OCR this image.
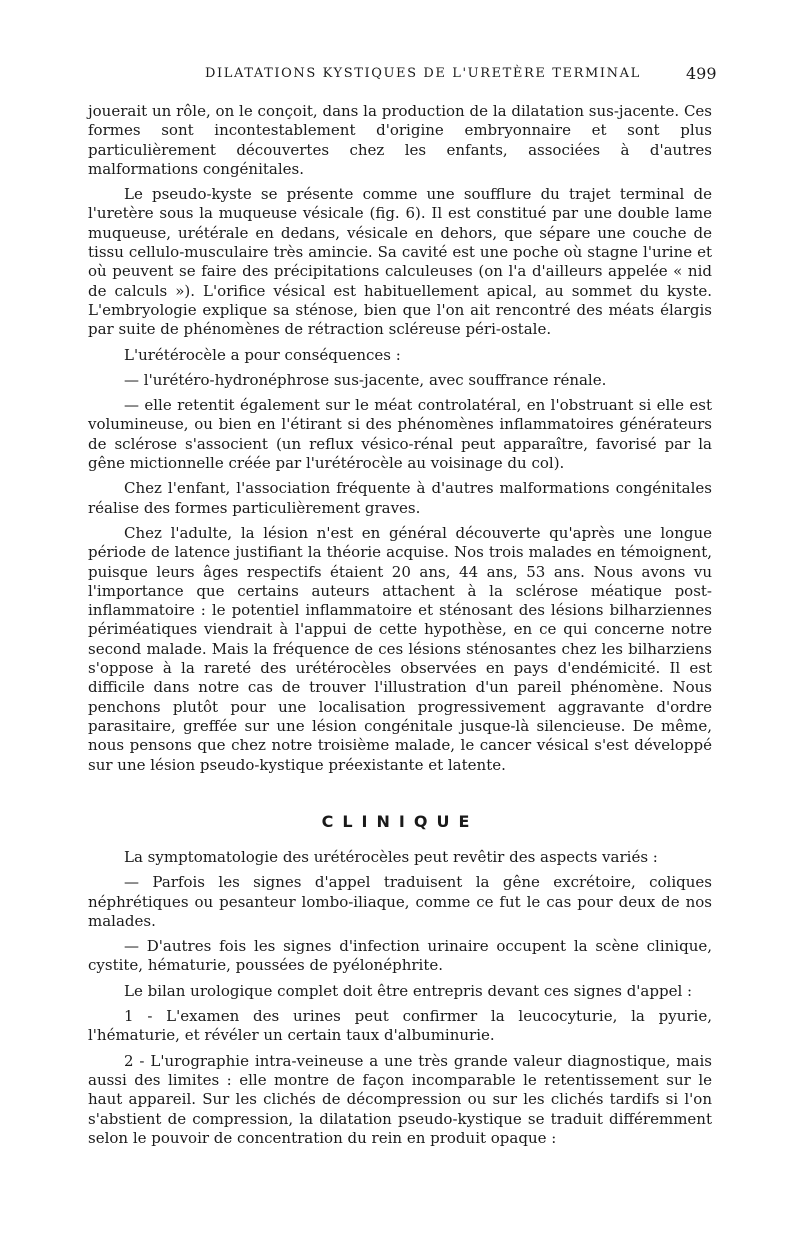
DILATATIONS KYSTIQUES DE L'URETÈRE TERMINAL	499

jouerait un rôle, on le conçoit, dans la production de la dilatation sus-jacente. Ces formes sont incontestablement d'origine embryonnaire et sont plus particulièrement découvertes chez les enfants, associées à d'autres malformations congénitales.

Le pseudo-kyste se présente comme une soufflure du trajet terminal de l'uretère sous la muqueuse vésicale (fig. 6). Il est constitué par une double lame muqueuse, urétérale en dedans, vésicale en dehors, que sépare une couche de tissu cellulo-musculaire très amincie. Sa cavité est une poche où stagne l'urine et où peuvent se faire des précipitations calculeuses (on l'a d'ailleurs appelée « nid de calculs »). L'orifice vésical est habituellement apical, au sommet du kyste. L'embryologie explique sa sténose, bien que l'on ait rencontré des méats élargis par suite de phénomènes de rétraction scléreuse péri-ostale.

L'urétérocèle a pour conséquences :

— l'urétéro-hydronéphrose sus-jacente, avec souffrance rénale.

— elle retentit également sur le méat controlatéral, en l'obstruant si elle est volumineuse, ou bien en l'étirant si des phénomènes inflammatoires générateurs de sclérose s'associent (un reflux vésico-rénal peut apparaître, favorisé par la gêne mictionnelle créée par l'urétérocèle au voisinage du col).

Chez l'enfant, l'association fréquente à d'autres malformations congénitales réalise des formes particulièrement graves.

Chez l'adulte, la lésion n'est en général découverte qu'après une longue période de latence justifiant la théorie acquise. Nos trois malades en témoignent, puisque leurs âges respectifs étaient 20 ans, 44 ans, 53 ans. Nous avons vu l'importance que certains auteurs attachent à la sclérose méatique post-inflammatoire : le potentiel inflammatoire et sténosant des lésions bilharziennes périméatiques viendrait à l'appui de cette hypothèse, en ce qui concerne notre second malade. Mais la fréquence de ces lésions sténosantes chez les bilharziens s'oppose à la rareté des urétérocèles observées en pays d'endémicité. Il est difficile dans notre cas de trouver l'illustration d'un pareil phénomène. Nous penchons plutôt pour une localisation progressivement aggravante d'ordre parasitaire, greffée sur une lésion congénitale jusque-là silencieuse. De même, nous pensons que chez notre troisième malade, le cancer vésical s'est développé sur une lésion pseudo-kystique préexistante et latente.

CLINIQUE

La symptomatologie des urétérocèles peut revêtir des aspects variés :

— Parfois les signes d'appel traduisent la gêne excrétoire, coliques néphrétiques ou pesanteur lombo-iliaque, comme ce fut le cas pour deux de nos malades.

— D'autres fois les signes d'infection urinaire occupent la scène clinique, cystite, hématurie, poussées de pyélonéphrite.

Le bilan urologique complet doit être entrepris devant ces signes d'appel :

1 - L'examen des urines peut confirmer la leucocyturie, la pyurie, l'hématurie, et révéler un certain taux d'albuminurie.

2 - L'urographie intra-veineuse a une très grande valeur diagnostique, mais aussi des limites : elle montre de façon incomparable le retentissement sur le haut appareil. Sur les clichés de décompression ou sur les clichés tardifs si l'on s'abstient de compression, la dilatation pseudo-kystique se traduit différemment selon le pouvoir de concentration du rein en produit opaque :
